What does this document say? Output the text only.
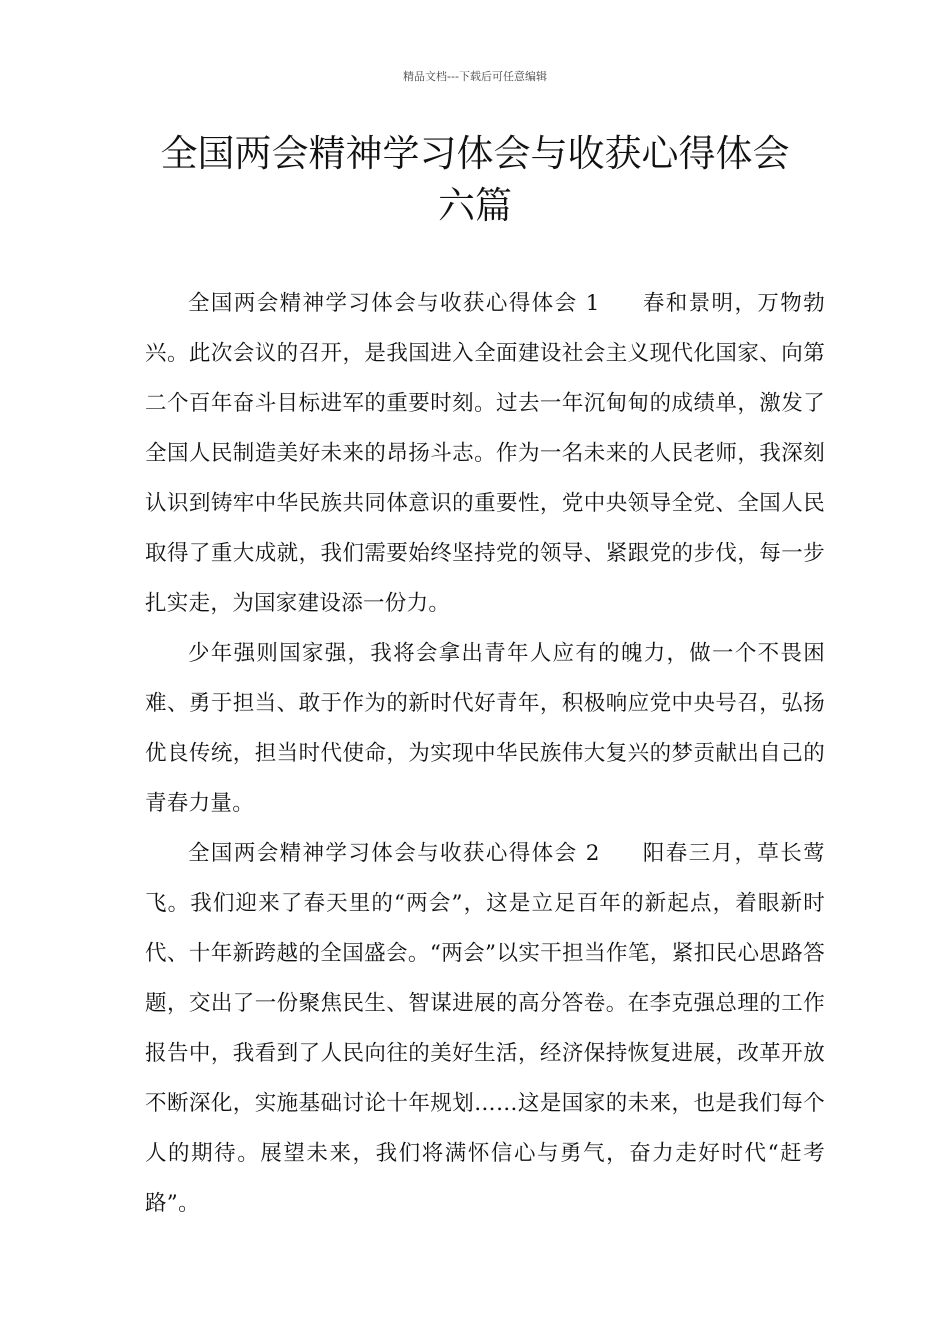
精品文档---下载后可任意编辑
全国两会精神学习体会与收获心得体会
六篇

全国两会精神学习体会与收获心得体会 1 春和景明，万物勃兴。此次会议的召开，是我国进入全面建设社会主义现代化国家、向第二个百年奋斗目标进军的重要时刻。过去一年沉甸甸的成绩单，激发了全国人民制造美好未来的昂扬斗志。作为一名未来的人民老师，我深刻认识到铸牢中华民族共同体意识的重要性，党中央领导全党、全国人民取得了重大成就，我们需要始终坚持党的领导、紧跟党的步伐，每一步扎实走，为国家建设添一份力。

少年强则国家强，我将会拿出青年人应有的魄力，做一个不畏困难、勇于担当、敢于作为的新时代好青年，积极响应党中央号召，弘扬优良传统，担当时代使命，为实现中华民族伟大复兴的梦贡献出自己的青春力量。

全国两会精神学习体会与收获心得体会 2 阳春三月，草长莺飞。我们迎来了春天里的“两会”，这是立足百年的新起点，着眼新时代、十年新跨越的全国盛会。“两会”以实干担当作笔，紧扣民心思路答题，交出了一份聚焦民生、智谋进展的高分答卷。在李克强总理的工作报告中，我看到了人民向往的美好生活，经济保持恢复进展，改革开放不断深化，实施基础讨论十年规划……这是国家的未来，也是我们每个人的期待。展望未来，我们将满怀信心与勇气，奋力走好时代“赶考路”。
